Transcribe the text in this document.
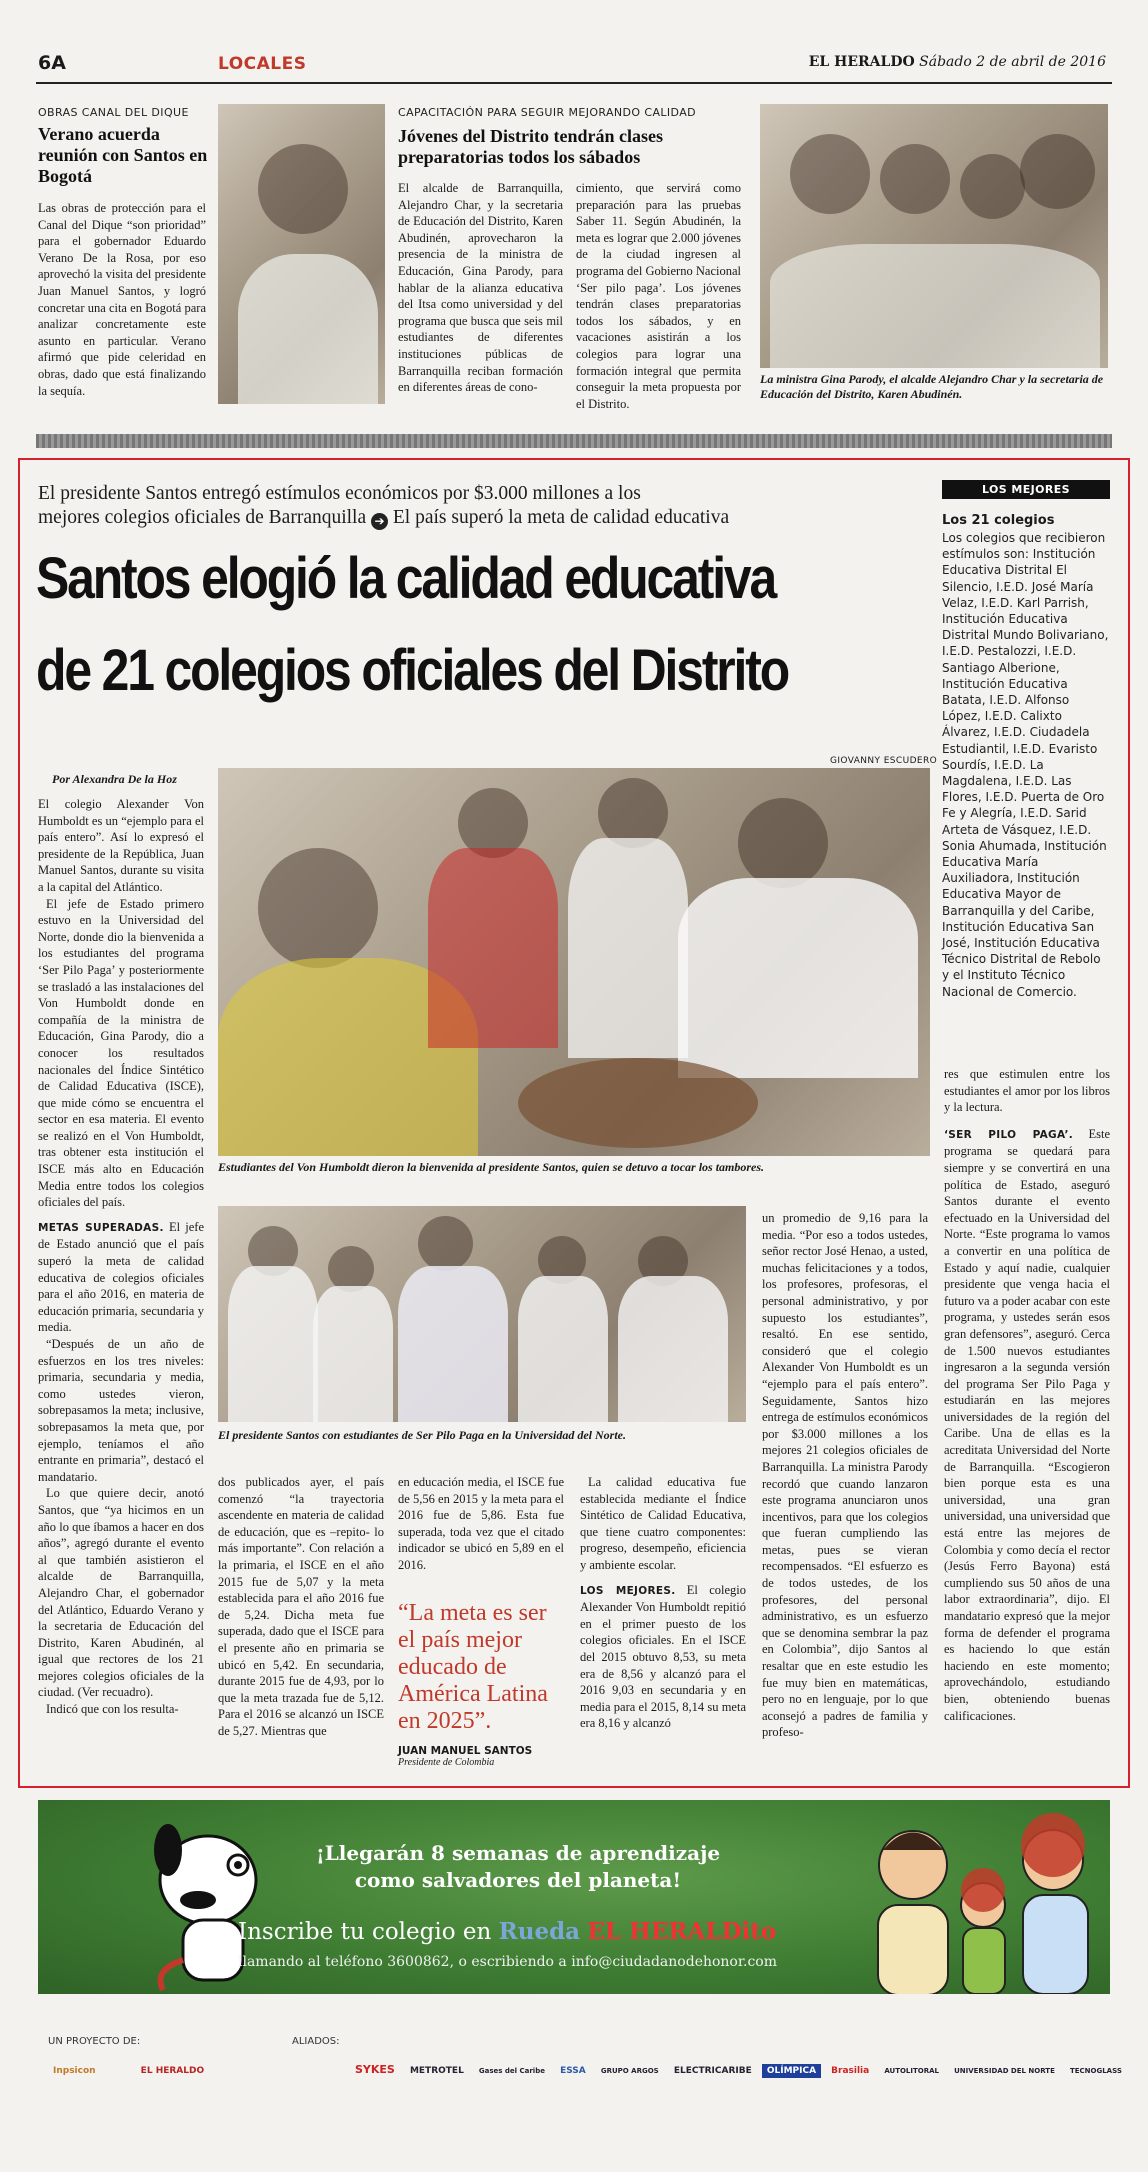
6A	LOCALES	EL HERALDO Sábado 2 de abril de 2016
OBRAS CANAL DEL DIQUE
Verano acuerda reunión con Santos en Bogotá
Las obras de protección para el Canal del Dique “son prioridad” para el gobernador Eduardo Verano De la Rosa, por eso aprovechó la visita del presidente Juan Manuel Santos, y logró concretar una cita en Bogotá para analizar concretamente este asunto en particular. Verano afirmó que pide celeridad en obras, dado que está finalizando la sequía.
CAPACITACIÓN PARA SEGUIR MEJORANDO CALIDAD
Jóvenes del Distrito tendrán clases preparatorias todos los sábados
El alcalde de Barranquilla, Alejandro Char, y la secretaria de Educación del Distrito, Karen Abudinén, aprovecharon la presencia de la ministra de Educación, Gina Parody, para hablar de la alianza educativa del Itsa como universidad y del programa que busca que seis mil estudiantes de diferentes instituciones públicas de Barranquilla reciban formación en diferentes áreas de cono-
cimiento, que servirá como preparación para las pruebas Saber 11. Según Abudinén, la meta es lograr que 2.000 jóvenes de la ciudad ingresen al programa del Gobierno Nacional ‘Ser pilo paga’. Los jóvenes tendrán clases preparatorias todos los sábados, y en vacaciones asistirán a los colegios para lograr una formación integral que permita conseguir la meta propuesta por el Distrito.
La ministra Gina Parody, el alcalde Alejandro Char y la secretaria de Educación del Distrito, Karen Abudinén.
El presidente Santos entregó estímulos económicos por $3.000 millones a los
mejores colegios oficiales de Barranquilla ➔ El país superó la meta de calidad educativa
Santos elogió la calidad educativa
de 21 colegios oficiales del Distrito
LOS MEJORES
Los 21 colegios
Los colegios que recibieron estímulos son: Institución Educativa Distrital El Silencio, I.E.D. José María Velaz, I.E.D. Karl Parrish, Institución Educativa Distrital Mundo Bolivariano, I.E.D. Pestalozzi, I.E.D. Santiago Alberione, Institución Educativa Batata, I.E.D. Alfonso López, I.E.D. Calixto Álvarez, I.E.D. Ciudadela Estudiantil, I.E.D. Evaristo Sourdís, I.E.D. La Magdalena, I.E.D. Las Flores, I.E.D. Puerta de Oro Fe y Alegría, I.E.D. Sarid Arteta de Vásquez, I.E.D. Sonia Ahumada, Institución Educativa María Auxiliadora, Institución Educativa Mayor de Barranquilla y del Caribe, Institución Educativa San José, Institución Educativa Técnico Distrital de Rebolo y el Instituto Técnico Nacional de Comercio.
Por Alexandra De la Hoz
GIOVANNY ESCUDERO
Estudiantes del Von Humboldt dieron la bienvenida al presidente Santos, quien se detuvo a tocar los tambores.

El colegio Alexander Von Humboldt es un “ejemplo para el país entero”. Así lo expresó el presidente de la República, Juan Manuel Santos, durante su visita a la capital del Atlántico.

El jefe de Estado primero estuvo en la Universidad del Norte, donde dio la bienvenida a los estudiantes del programa ‘Ser Pilo Paga’ y posteriormente se trasladó a las instalaciones del Von Humboldt donde en compañía de la ministra de Educación, Gina Parody, dio a conocer los resultados nacionales del Índice Sintético de Calidad Educativa (ISCE), que mide cómo se encuentra el sector en esa materia. El evento se realizó en el Von Humboldt, tras obtener esta institución el ISCE más alto en Educación Media entre todos los colegios oficiales del país.

METAS SUPERADAS. El jefe de Estado anunció que el país superó la meta de calidad educativa de colegios oficiales para el año 2016, en materia de educación primaria, secundaria y media.

“Después de un año de esfuerzos en los tres niveles: primaria, secundaria y media, como ustedes vieron, sobrepasamos la meta; inclusive, sobrepasamos la meta que, por ejemplo, teníamos el año entrante en primaria”, destacó el mandatario.

Lo que quiere decir, anotó Santos, que “ya hicimos en un año lo que íbamos a hacer en dos años”, agregó durante el evento al que también asistieron el alcalde de Barranquilla, Alejandro Char, el gobernador del Atlántico, Eduardo Verano y la secretaria de Educación del Distrito, Karen Abudinén, al igual que rectores de los 21 mejores colegios oficiales de la ciudad. (Ver recuadro).

Indicó que con los resulta-

El presidente Santos con estudiantes de Ser Pilo Paga en la Universidad del Norte.
dos publicados ayer, el país comenzó “la trayectoria ascendente en materia de calidad de educación, que es –repito- lo más importante”. Con relación a la primaria, el ISCE en el año 2015 fue de 5,07 y la meta establecida para el año 2016 fue de 5,24. Dicha meta fue superada, dado que el ISCE para el presente año en primaria se ubicó en 5,42. En secundaria, durante 2015 fue de 4,93, por lo que la meta trazada fue de 5,12. Para el 2016 se alcanzó un ISCE de 5,27. Mientras que
en educación media, el ISCE fue de 5,56 en 2015 y la meta para el 2016 fue de 5,86. Esta fue superada, toda vez que el citado indicador se ubicó en 5,89 en el 2016.
“La meta es ser el país mejor educado de América Latina en 2025”.
JUAN MANUEL SANTOS
Presidente de Colombia

La calidad educativa fue establecida mediante el Índice Sintético de Calidad Educativa, que tiene cuatro componentes: progreso, desempeño, eficiencia y ambiente escolar.

LOS MEJORES. El colegio Alexander Von Humboldt repitió en el primer puesto de los colegios oficiales. En el ISCE del 2015 obtuvo 8,53, su meta era de 8,56 y alcanzó para el 2016 9,03 en secundaria y en media para el 2015, 8,14 su meta era 8,16 y alcanzó

un promedio de 9,16 para la media. “Por eso a todos ustedes, señor rector José Henao, a usted, muchas felicitaciones y a todos, los profesores, profesoras, el personal administrativo, y por supuesto los estudiantes”, resaltó. En ese sentido, consideró que el colegio Alexander Von Humboldt es un “ejemplo para el país entero”. Seguidamente, Santos hizo entrega de estímulos económicos por $3.000 millones a los mejores 21 colegios oficiales de Barranquilla. La ministra Parody recordó que cuando lanzaron este programa anunciaron unos incentivos, para que los colegios que fueran cumpliendo las metas, pues se vieran recompensados. “El esfuerzo es de todos ustedes, de los profesores, del personal administrativo, es un esfuerzo que se denomina sembrar la paz en Colombia”, dijo Santos al resaltar que en este estudio les fue muy bien en matemáticas, pero no en lenguaje, por lo que aconsejó a padres de familia y profeso-

res que estimulen entre los estudiantes el amor por los libros y la lectura.

‘SER PILO PAGA’. Este programa se quedará para siempre y se convertirá en una política de Estado, aseguró Santos durante el evento efectuado en la Universidad del Norte. “Este programa lo vamos a convertir en una política de Estado y aquí nadie, cualquier presidente que venga hacia el futuro va a poder acabar con este programa, y ustedes serán esos gran defensores”, aseguró. Cerca de 1.500 nuevos estudiantes ingresaron a la segunda versión del programa Ser Pilo Paga y estudiarán en las mejores universidades de la región del Caribe. Una de ellas es la acreditata Universidad del Norte de Barranquilla. “Escogieron bien porque esta es una universidad, una gran universidad, una universidad que está entre las mejores de Colombia y como decía el rector (Jesús Ferro Bayona) está cumpliendo sus 50 años de una labor extraordinaria”, dijo. El mandatario expresó que la mejor forma de defender el programa es haciendo lo que están haciendo en este momento; aprovechándolo, estudiando bien, obteniendo buenas calificaciones.

¡Llegarán 8 semanas de aprendizaje
como salvadores del planeta!
Inscribe tu colegio en Rueda EL HERALDito
llamando al teléfono 3600862, o escribiendo a info@ciudadanodehonor.com
UN PROYECTO DE:	ALIADOS:
Inpsicon	EL HERALDO	SYKES METROTEL Gases del Caribe ESSA GRUPO ARGOS ELECTRICARIBE OLÍMPICA Brasilia AUTOLITORAL UNIVERSIDAD DEL NORTE TECNOGLASS
